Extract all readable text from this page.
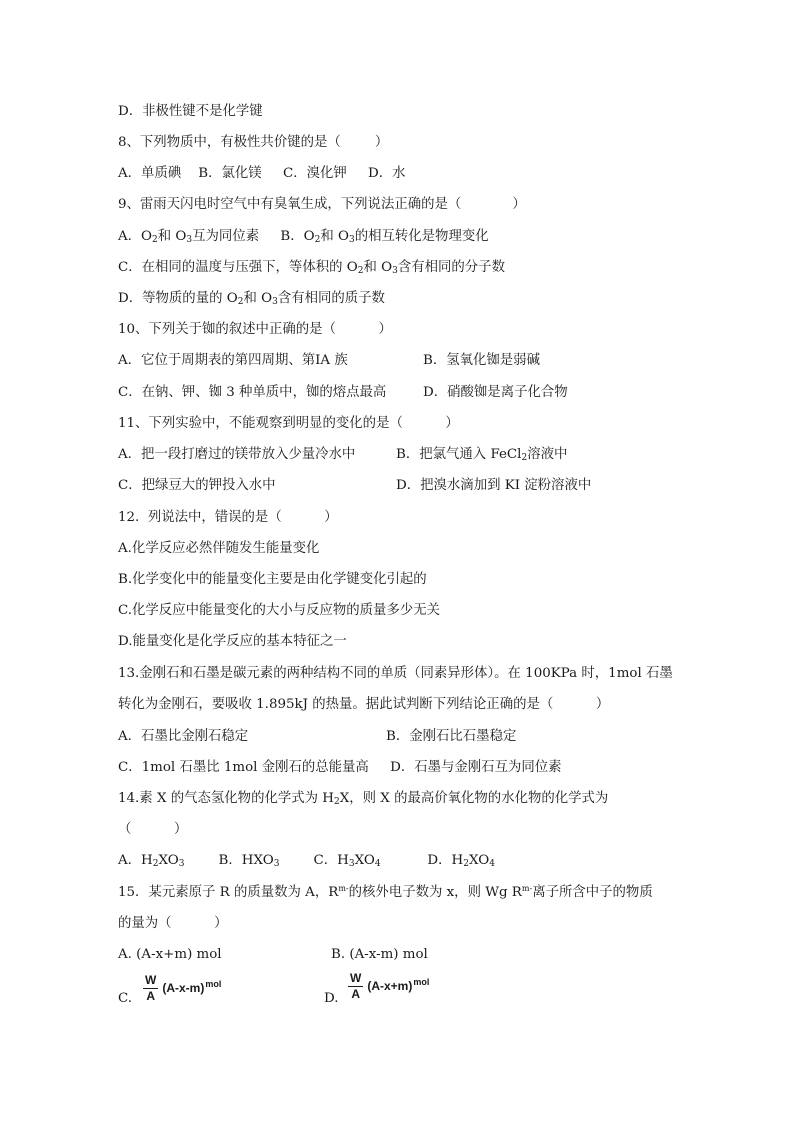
D．非极性键不是化学键
8、下列物质中，有极性共价键的是（        ）
A．单质碘    B．氯化镁     C．溴化钾     D．水
9、雷雨天闪电时空气中有臭氧生成，下列说法正确的是（            ）
A．$O_2$和 $O_3$互为同位素     B．$O_2$和 $O_3$的相互转化是物理变化
C．在相同的温度与压强下，等体积的 $O_2$和 $O_3$含有相同的分子数
D．等物质的量的 $O_2$和 $O_3$含有相同的质子数
10、下列关于铷的叙述中正确的是（          ）
11、下列实验中，不能观察到明显的变化的是（          ）
12.  列说法中，错误的是（          ）
A.化学反应必然伴随发生能量变化
B.化学变化中的能量变化主要是由化学键变化引起的
C.化学反应中能量变化的大小与反应物的质量多少无关
D.能量变化是化学反应的基本特征之一
13.金刚石和石墨是碳元素的两种结构不同的单质（同素异形体）。在 100KPa 时，1mol 石墨
转化为金刚石，要吸收 1.895kJ 的热量。据此试判断下列结论正确的是（          ）
C．1mol 石墨比 1mol 金刚石的总能量高     D．石墨与金刚石互为同位素
14.素 X 的气态氢化物的化学式为 $H_2X$，则 X 的最高价氧化物的水化物的化学式为
（          ）
A．$H_2XO_3$        B．$HXO_3$        C．$H_3XO_4$           D．$H_2XO_4$
15．某元素原子 R 的质量数为 A，$R^{m-}$的核外电子数为 x，则 Wg $R^{m-}$离子所含中子的物质
的量为（          ）
A．它位于周期表的第四周期、第ⅠA 族	B．氢氧化铷是弱碱
C．在钠、钾、铷 3 种单质中，铷的熔点最高	D．硝酸铷是离子化合物
A．把一段打磨过的镁带放入少量冷水中	B．把氯气通入 FeCl$_2$溶液中
C．把绿豆大的钾投入水中	D．把溴水滴加到 KI 淀粉溶液中
A．石墨比金刚石稳定	B．金刚石比石墨稳定
A. (A-x+m) mol	B. (A-x-m) mol
C. $\frac{W}{A} (A-x-m)$ mol
D. $\frac{W}{A} (A-x+m)$ mol
